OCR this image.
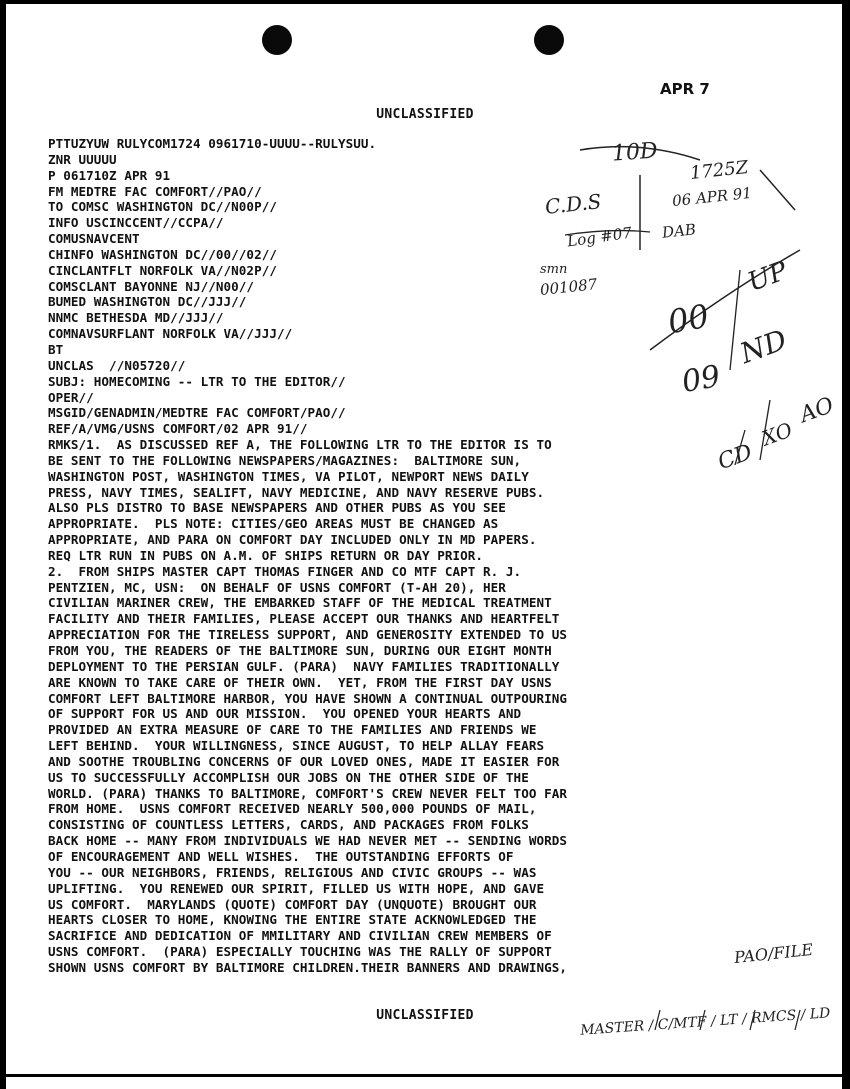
APR 7
UNCLASSIFIED
PTTUZYUW RULYCOM1724 0961710-UUUU--RULYSUU.
ZNR UUUUU
P 061710Z APR 91
FM MEDTRE FAC COMFORT//PAO//
TO COMSC WASHINGTON DC//N00P//
INFO USCINCCENT//CCPA//
COMUSNAVCENT
CHINFO WASHINGTON DC//00//02//
CINCLANTFLT NORFOLK VA//N02P//
COMSCLANT BAYONNE NJ//N00//
BUMED WASHINGTON DC//JJJ//
NNMC BETHESDA MD//JJJ//
COMNAVSURFLANT NORFOLK VA//JJJ//
BT
UNCLAS  //N05720//
SUBJ: HOMECOMING -- LTR TO THE EDITOR//
OPER//
MSGID/GENADMIN/MEDTRE FAC COMFORT/PAO//
REF/A/VMG/USNS COMFORT/02 APR 91//
RMKS/1.  AS DISCUSSED REF A, THE FOLLOWING LTR TO THE EDITOR IS TO
BE SENT TO THE FOLLOWING NEWSPAPERS/MAGAZINES:  BALTIMORE SUN,
WASHINGTON POST, WASHINGTON TIMES, VA PILOT, NEWPORT NEWS DAILY
PRESS, NAVY TIMES, SEALIFT, NAVY MEDICINE, AND NAVY RESERVE PUBS.
ALSO PLS DISTRO TO BASE NEWSPAPERS AND OTHER PUBS AS YOU SEE
APPROPRIATE.  PLS NOTE: CITIES/GEO AREAS MUST BE CHANGED AS
APPROPRIATE, AND PARA ON COMFORT DAY INCLUDED ONLY IN MD PAPERS.
REQ LTR RUN IN PUBS ON A.M. OF SHIPS RETURN OR DAY PRIOR.
2.  FROM SHIPS MASTER CAPT THOMAS FINGER AND CO MTF CAPT R. J.
PENTZIEN, MC, USN:  ON BEHALF OF USNS COMFORT (T-AH 20), HER
CIVILIAN MARINER CREW, THE EMBARKED STAFF OF THE MEDICAL TREATMENT
FACILITY AND THEIR FAMILIES, PLEASE ACCEPT OUR THANKS AND HEARTFELT
APPRECIATION FOR THE TIRELESS SUPPORT, AND GENEROSITY EXTENDED TO US
FROM YOU, THE READERS OF THE BALTIMORE SUN, DURING OUR EIGHT MONTH
DEPLOYMENT TO THE PERSIAN GULF. (PARA)  NAVY FAMILIES TRADITIONALLY
ARE KNOWN TO TAKE CARE OF THEIR OWN.  YET, FROM THE FIRST DAY USNS
COMFORT LEFT BALTIMORE HARBOR, YOU HAVE SHOWN A CONTINUAL OUTPOURING
OF SUPPORT FOR US AND OUR MISSION.  YOU OPENED YOUR HEARTS AND
PROVIDED AN EXTRA MEASURE OF CARE TO THE FAMILIES AND FRIENDS WE
LEFT BEHIND.  YOUR WILLINGNESS, SINCE AUGUST, TO HELP ALLAY FEARS
AND SOOTHE TROUBLING CONCERNS OF OUR LOVED ONES, MADE IT EASIER FOR
US TO SUCCESSFULLY ACCOMPLISH OUR JOBS ON THE OTHER SIDE OF THE
WORLD. (PARA) THANKS TO BALTIMORE, COMFORT'S CREW NEVER FELT TOO FAR
FROM HOME.  USNS COMFORT RECEIVED NEARLY 500,000 POUNDS OF MAIL,
CONSISTING OF COUNTLESS LETTERS, CARDS, AND PACKAGES FROM FOLKS
BACK HOME -- MANY FROM INDIVIDUALS WE HAD NEVER MET -- SENDING WORDS
OF ENCOURAGEMENT AND WELL WISHES.  THE OUTSTANDING EFFORTS OF
YOU -- OUR NEIGHBORS, FRIENDS, RELIGIOUS AND CIVIC GROUPS -- WAS
UPLIFTING.  YOU RENEWED OUR SPIRIT, FILLED US WITH HOPE, AND GAVE
US COMFORT.  MARYLANDS (QUOTE) COMFORT DAY (UNQUOTE) BROUGHT OUR
HEARTS CLOSER TO HOME, KNOWING THE ENTIRE STATE ACKNOWLEDGED THE
SACRIFICE AND DEDICATION OF MMILITARY AND CIVILIAN CREW MEMBERS OF
USNS COMFORT.  (PARA) ESPECIALLY TOUCHING WAS THE RALLY OF SUPPORT
SHOWN USNS COMFORT BY BALTIMORE CHILDREN.THEIR BANNERS AND DRAWINGS,
UNCLASSIFIED
10D
1725Z
C.D.S	06 APR 91
Log #07 DAB
smn
001087
00
UP
09
ND
CD
XO
AO
PAO/FILE
MASTER / C/MTF / LT / RMCS / LD
